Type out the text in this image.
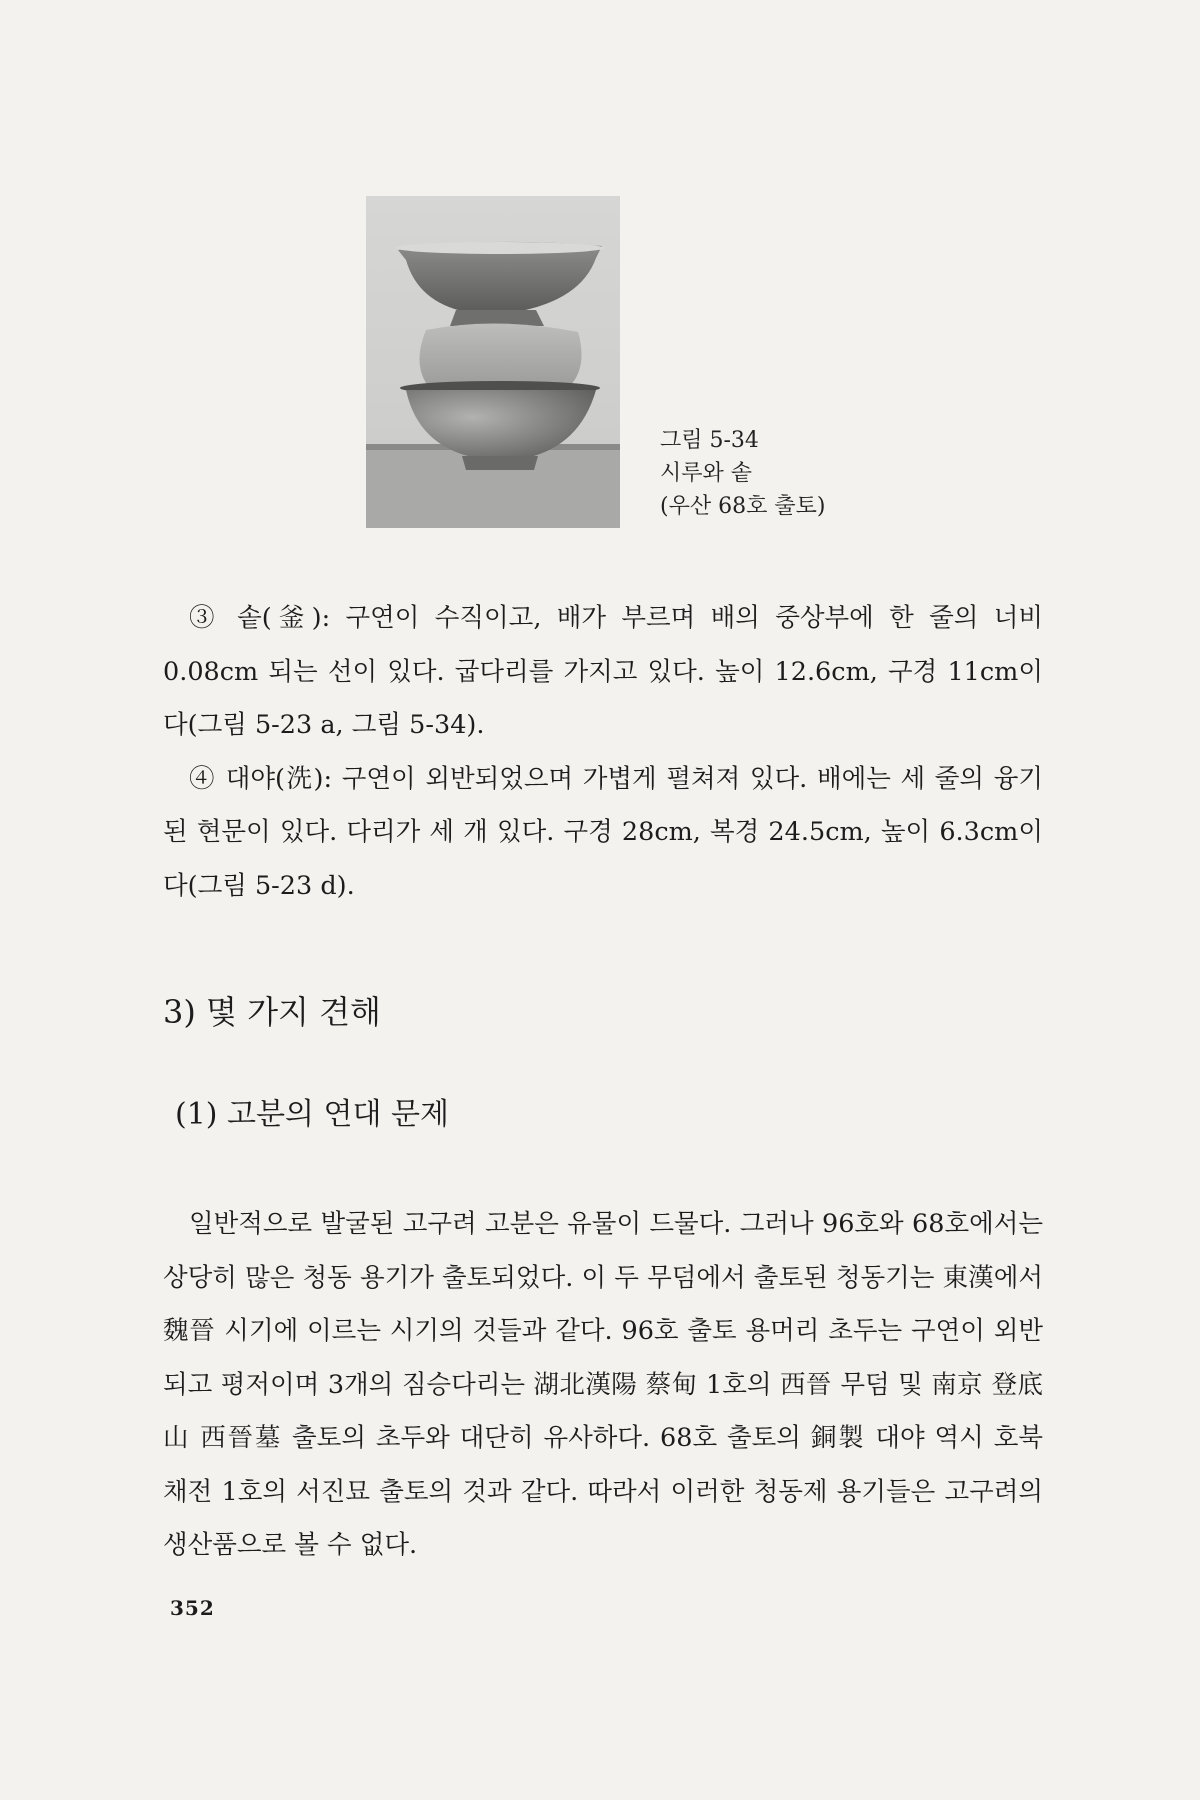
그림 5-34
시루와 솥
(우산 68호 출토)

③ 솥(釜): 구연이 수직이고, 배가 부르며 배의 중상부에 한 줄의 너비 0.08cm 되는 선이 있다. 굽다리를 가지고 있다. 높이 12.6cm, 구경 11cm이다(그림 5-23 a, 그림 5-34).

④ 대야(洗): 구연이 외반되었으며 가볍게 펼쳐져 있다. 배에는 세 줄의 융기된 현문이 있다. 다리가 세 개 있다. 구경 28cm, 복경 24.5cm, 높이 6.3cm이다(그림 5-23 d).

3) 몇 가지 견해
(1) 고분의 연대 문제

일반적으로 발굴된 고구려 고분은 유물이 드물다. 그러나 96호와 68호에서는 상당히 많은 청동 용기가 출토되었다. 이 두 무덤에서 출토된 청동기는 東漢에서 魏晉 시기에 이르는 시기의 것들과 같다. 96호 출토 용머리 초두는 구연이 외반되고 평저이며 3개의 짐승다리는 湖北漢陽 蔡甸 1호의 西晉 무덤 및 南京 登底山 西晉墓 출토의 초두와 대단히 유사하다. 68호 출토의 銅製 대야 역시 호북 채전 1호의 서진묘 출토의 것과 같다. 따라서 이러한 청동제 용기들은 고구려의 생산품으로 볼 수 없다.

352
